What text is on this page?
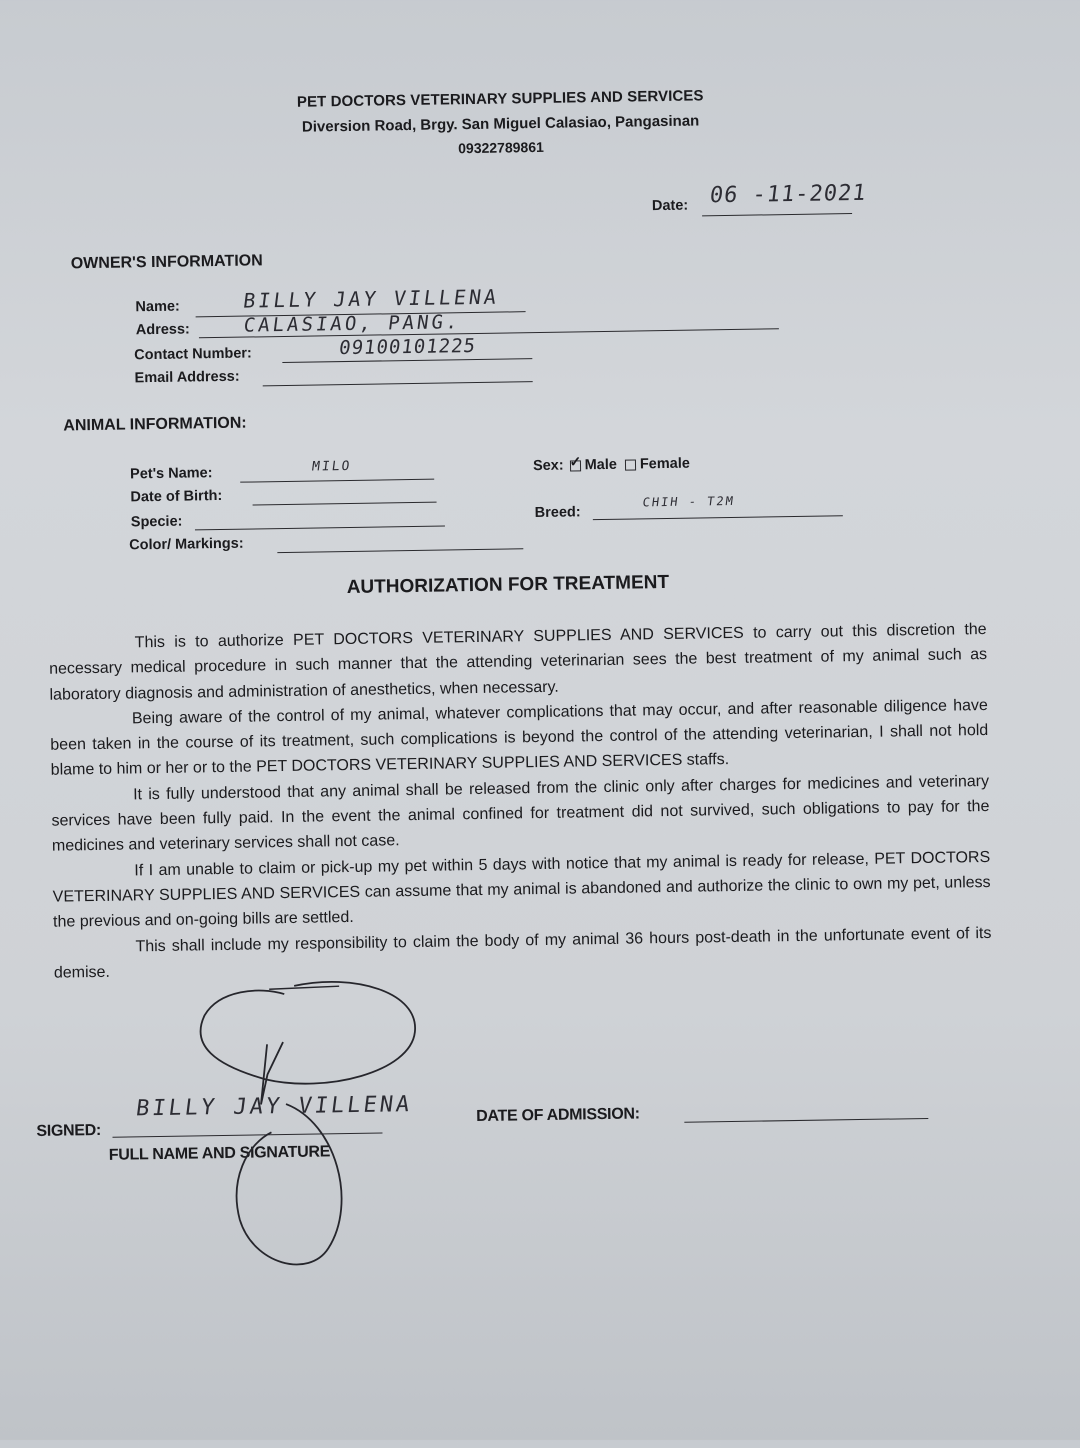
PET DOCTORS VETERINARY SUPPLIES AND SERVICES
Diversion Road, Brgy. San Miguel Calasiao, Pangasinan
09322789861
Date: 06 -11-2021
OWNER'S INFORMATION
Name:	BILLY JAY VILLENA
Adress:	CALASIAO, PANG.
Contact Number:	09100101225
Email Address:
ANIMAL INFORMATION:
Pet's Name:	MILO
Date of Birth:
Specie:
Color/ Markings:
Sex: ✓ Male Female
Breed:
CHIH - T2M
AUTHORIZATION FOR TREATMENT

This is to authorize PET DOCTORS VETERINARY SUPPLIES AND SERVICES to carry out this discretion the necessary medical procedure in such manner that the attending veterinarian sees the best treatment of my animal such as laboratory diagnosis and administration of anesthetics, when necessary.

Being aware of the control of my animal, whatever complications that may occur, and after reasonable diligence have been taken in the course of its treatment, such complications is beyond the control of the attending veterinarian, I shall not hold blame to him or her or to the PET DOCTORS VETERINARY SUPPLIES AND SERVICES staffs.

It is fully understood that any animal shall be released from the clinic only after charges for medicines and veterinary services have been fully paid. In the event the animal confined for treatment did not survived, such obligations to pay for the medicines and veterinary services shall not case.

If I am unable to claim or pick-up my pet within 5 days with notice that my animal is ready for release, PET DOCTORS VETERINARY SUPPLIES AND SERVICES can assume that my animal is abandoned and authorize the clinic to own my pet, unless the previous and on-going bills are settled.

This shall include my responsibility to claim the body of my animal 36 hours post-death in the unfortunate event of its demise.

SIGNED:
BILLY JAY VILLENA
FULL NAME AND SIGNATURE
DATE OF ADMISSION:
